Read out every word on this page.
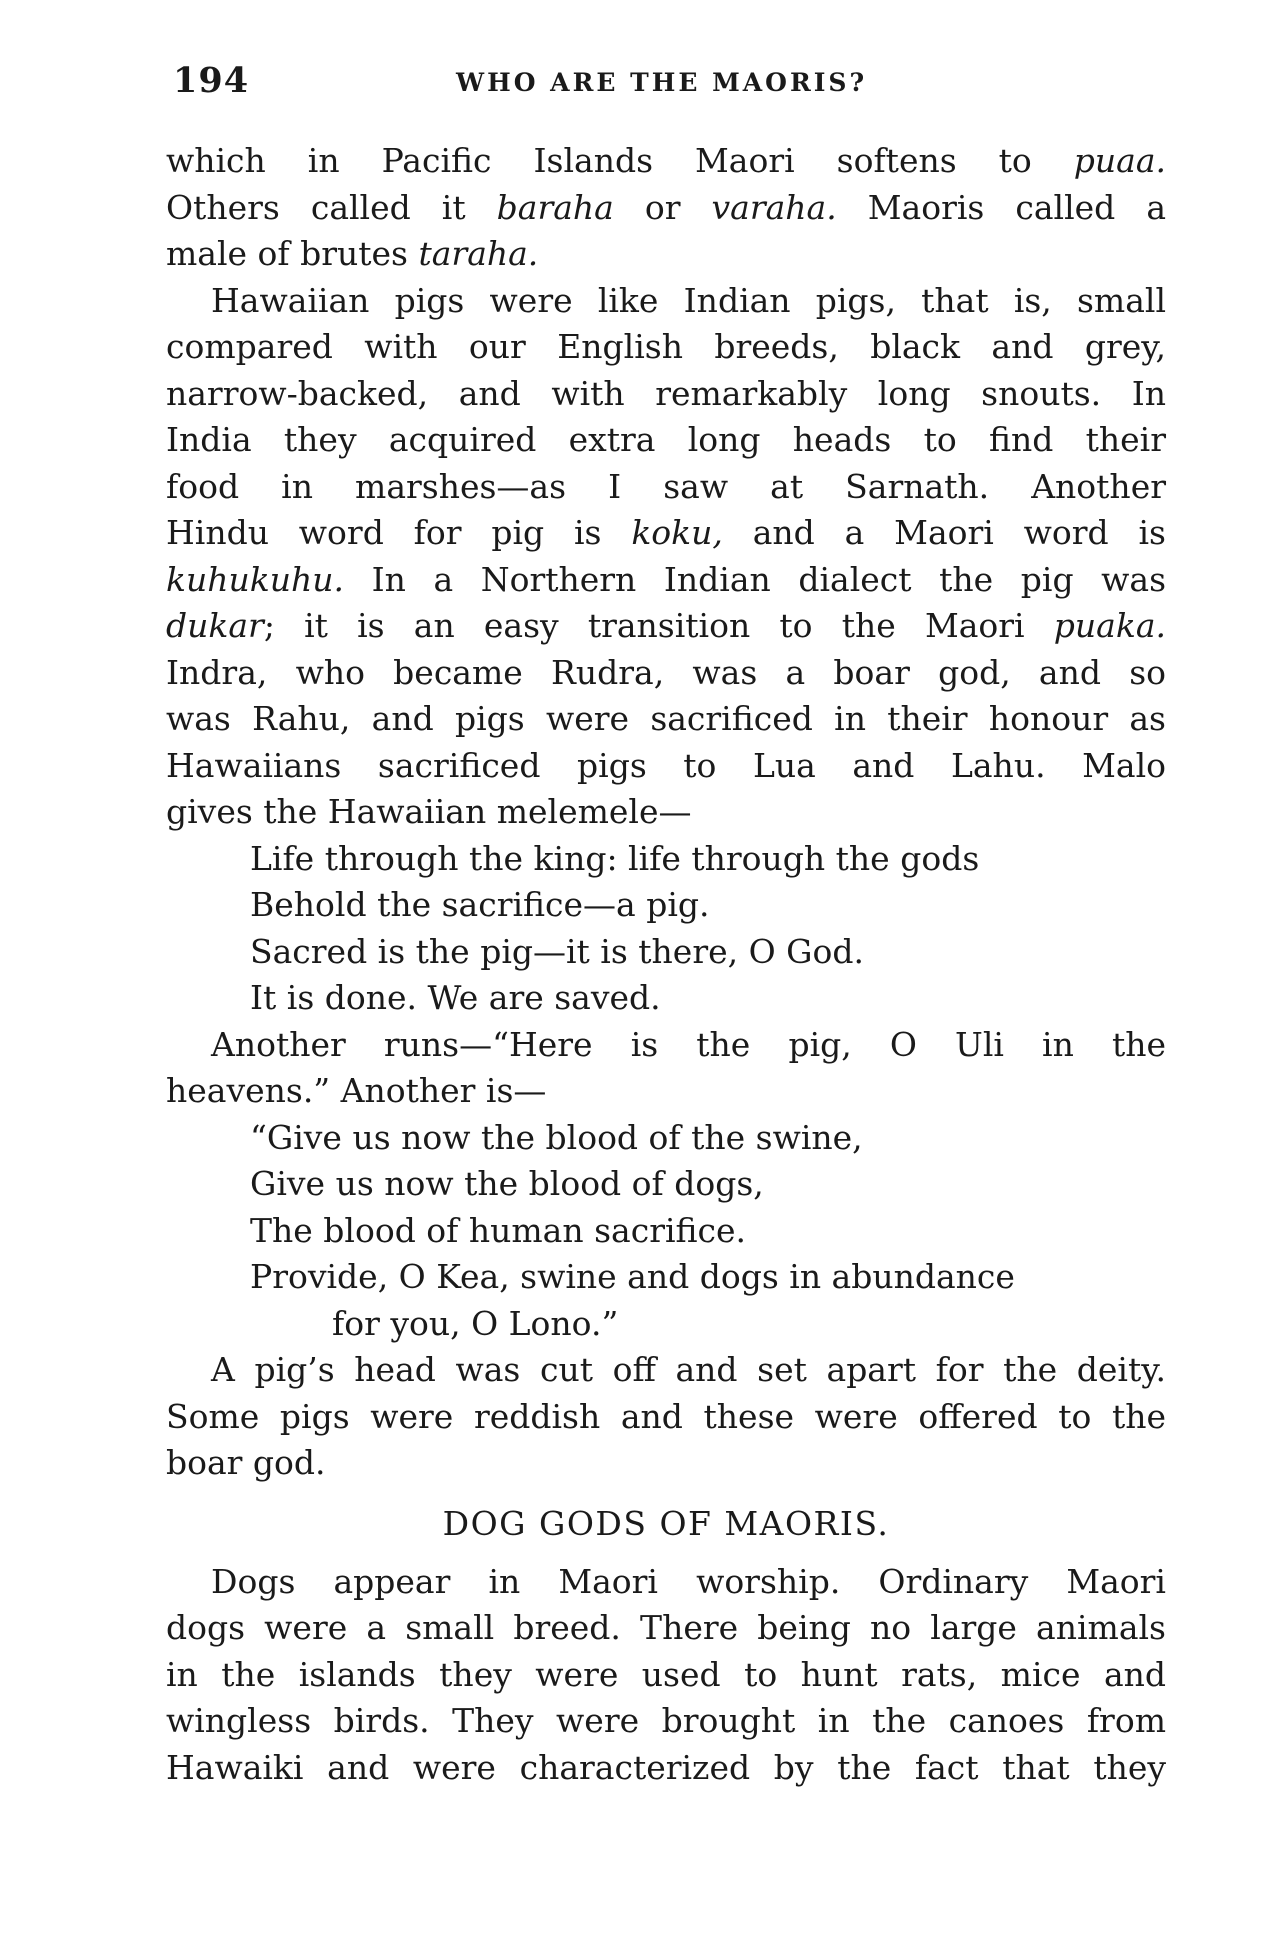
194	WHO ARE THE MAORIS?
which in Pacific Islands Maori softens to puaa.
Others called it baraha or varaha. Maoris called a
male of brutes taraha.
Hawaiian pigs were like Indian pigs, that is, small
compared with our English breeds, black and grey,
narrow-backed, and with remarkably long snouts. In
India they acquired extra long heads to find their
food in marshes—as I saw at Sarnath. Another
Hindu word for pig is koku, and a Maori word is
kuhukuhu. In a Northern Indian dialect the pig was
dukar; it is an easy transition to the Maori puaka.
Indra, who became Rudra, was a boar god, and so
was Rahu, and pigs were sacrificed in their honour as
Hawaiians sacrificed pigs to Lua and Lahu. Malo
gives the Hawaiian melemele—
Life through the king: life through the gods
Behold the sacrifice—a pig.
Sacred is the pig—it is there, O God.
It is done. We are saved.
Another runs—“Here is the pig, O Uli in the
heavens.” Another is—
“Give us now the blood of the swine,
Give us now the blood of dogs,
The blood of human sacrifice.
Provide, O Kea, swine and dogs in abundance
for you, O Lono.”
A pig’s head was cut off and set apart for the deity.
Some pigs were reddish and these were offered to the
boar god.
DOG GODS OF MAORIS.
Dogs appear in Maori worship. Ordinary Maori
dogs were a small breed. There being no large animals
in the islands they were used to hunt rats, mice and
wingless birds. They were brought in the canoes from
Hawaiki and were characterized by the fact that they
